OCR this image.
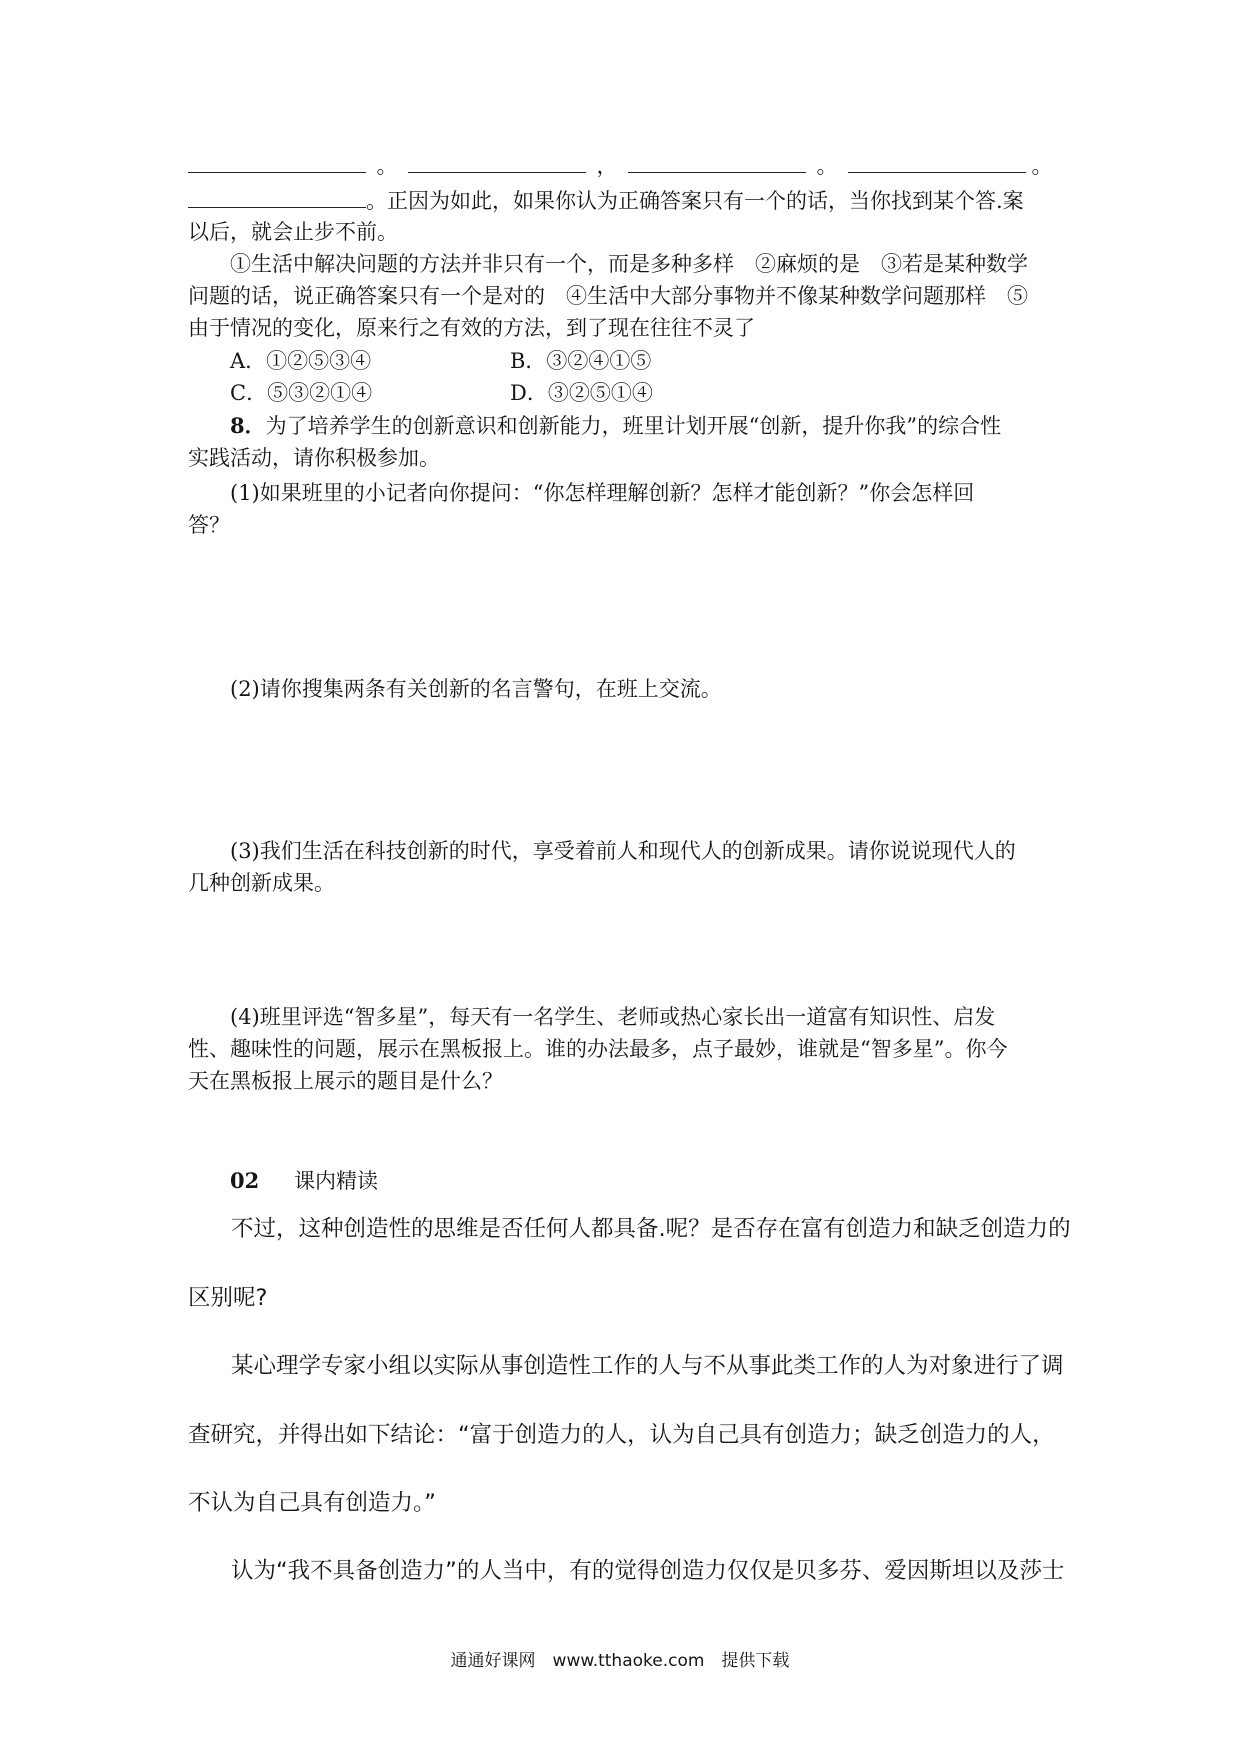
。	，	。	。
。正因为如此，如果你认为正确答案只有一个的话，当你找到某个答.案
以后，就会止步不前。
①生活中解决问题的方法并非只有一个，而是多种多样　②麻烦的是　③若是某种数学
问题的话，说正确答案只有一个是对的　④生活中大部分事物并不像某种数学问题那样　⑤
由于情况的变化，原来行之有效的方法，到了现在往往不灵了
A．①②⑤③④	B．③②④①⑤
C．⑤③②①④	D．③②⑤①④
8．为了培养学生的创新意识和创新能力，班里计划开展“创新，提升你我”的综合性
实践活动，请你积极参加。
(1)如果班里的小记者向你提问：“你怎样理解创新？怎样才能创新？”你会怎样回
答？
(2)请你搜集两条有关创新的名言警句，在班上交流。
(3)我们生活在科技创新的时代，享受着前人和现代人的创新成果。请你说说现代人的
几种创新成果。
(4)班里评选“智多星”，每天有一名学生、老师或热心家长出一道富有知识性、启发
性、趣味性的问题，展示在黑板报上。谁的办法最多，点子最妙，谁就是“智多星”。你今
天在黑板报上展示的题目是什么？
02 课内精读
不过，这种创造性的思维是否任何人都具备.呢？是否存在富有创造力和缺乏创造力的
区别呢?
某心理学专家小组以实际从事创造性工作的人与不从事此类工作的人为对象进行了调
查研究，并得出如下结论：“富于创造力的人，认为自己具有创造力；缺乏创造力的人，
不认为自己具有创造力。”
认为“我不具备创造力”的人当中，有的觉得创造力仅仅是贝多芬、爱因斯坦以及莎士
通通好课网　www.tthaoke.com　提供下载
